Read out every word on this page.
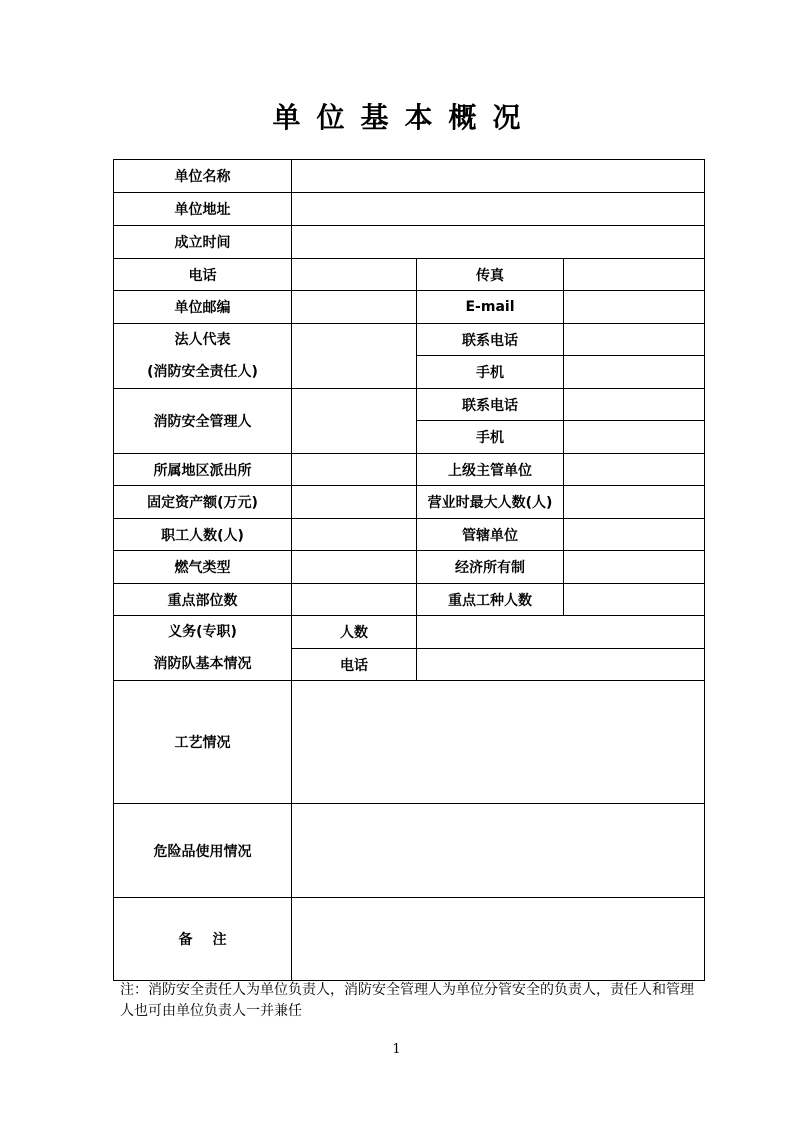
单位基本概况
单位名称			
单位地址			
成立时间			
电话		传真	
单位邮编		E-mail	

法人代表
(消防安全责任人)		联系电话	
		手机	
消防安全管理人		联系电话	
		手机	
所属地区派出所		上级主管单位	
固定资产额(万元)		营业时最大人数(人)	
职工人数(人)		管辖单位	
燃气类型		经济所有制	
重点部位数		重点工种人数	

义务(专职)
消防队基本情况	人数		
	电话		
工艺情况			
危险品使用情况			
备注			
注：消防安全责任人为单位负责人，消防安全管理人为单位分管安全的负责人，责任人和管理人也可由单位负责人一并兼任
1
